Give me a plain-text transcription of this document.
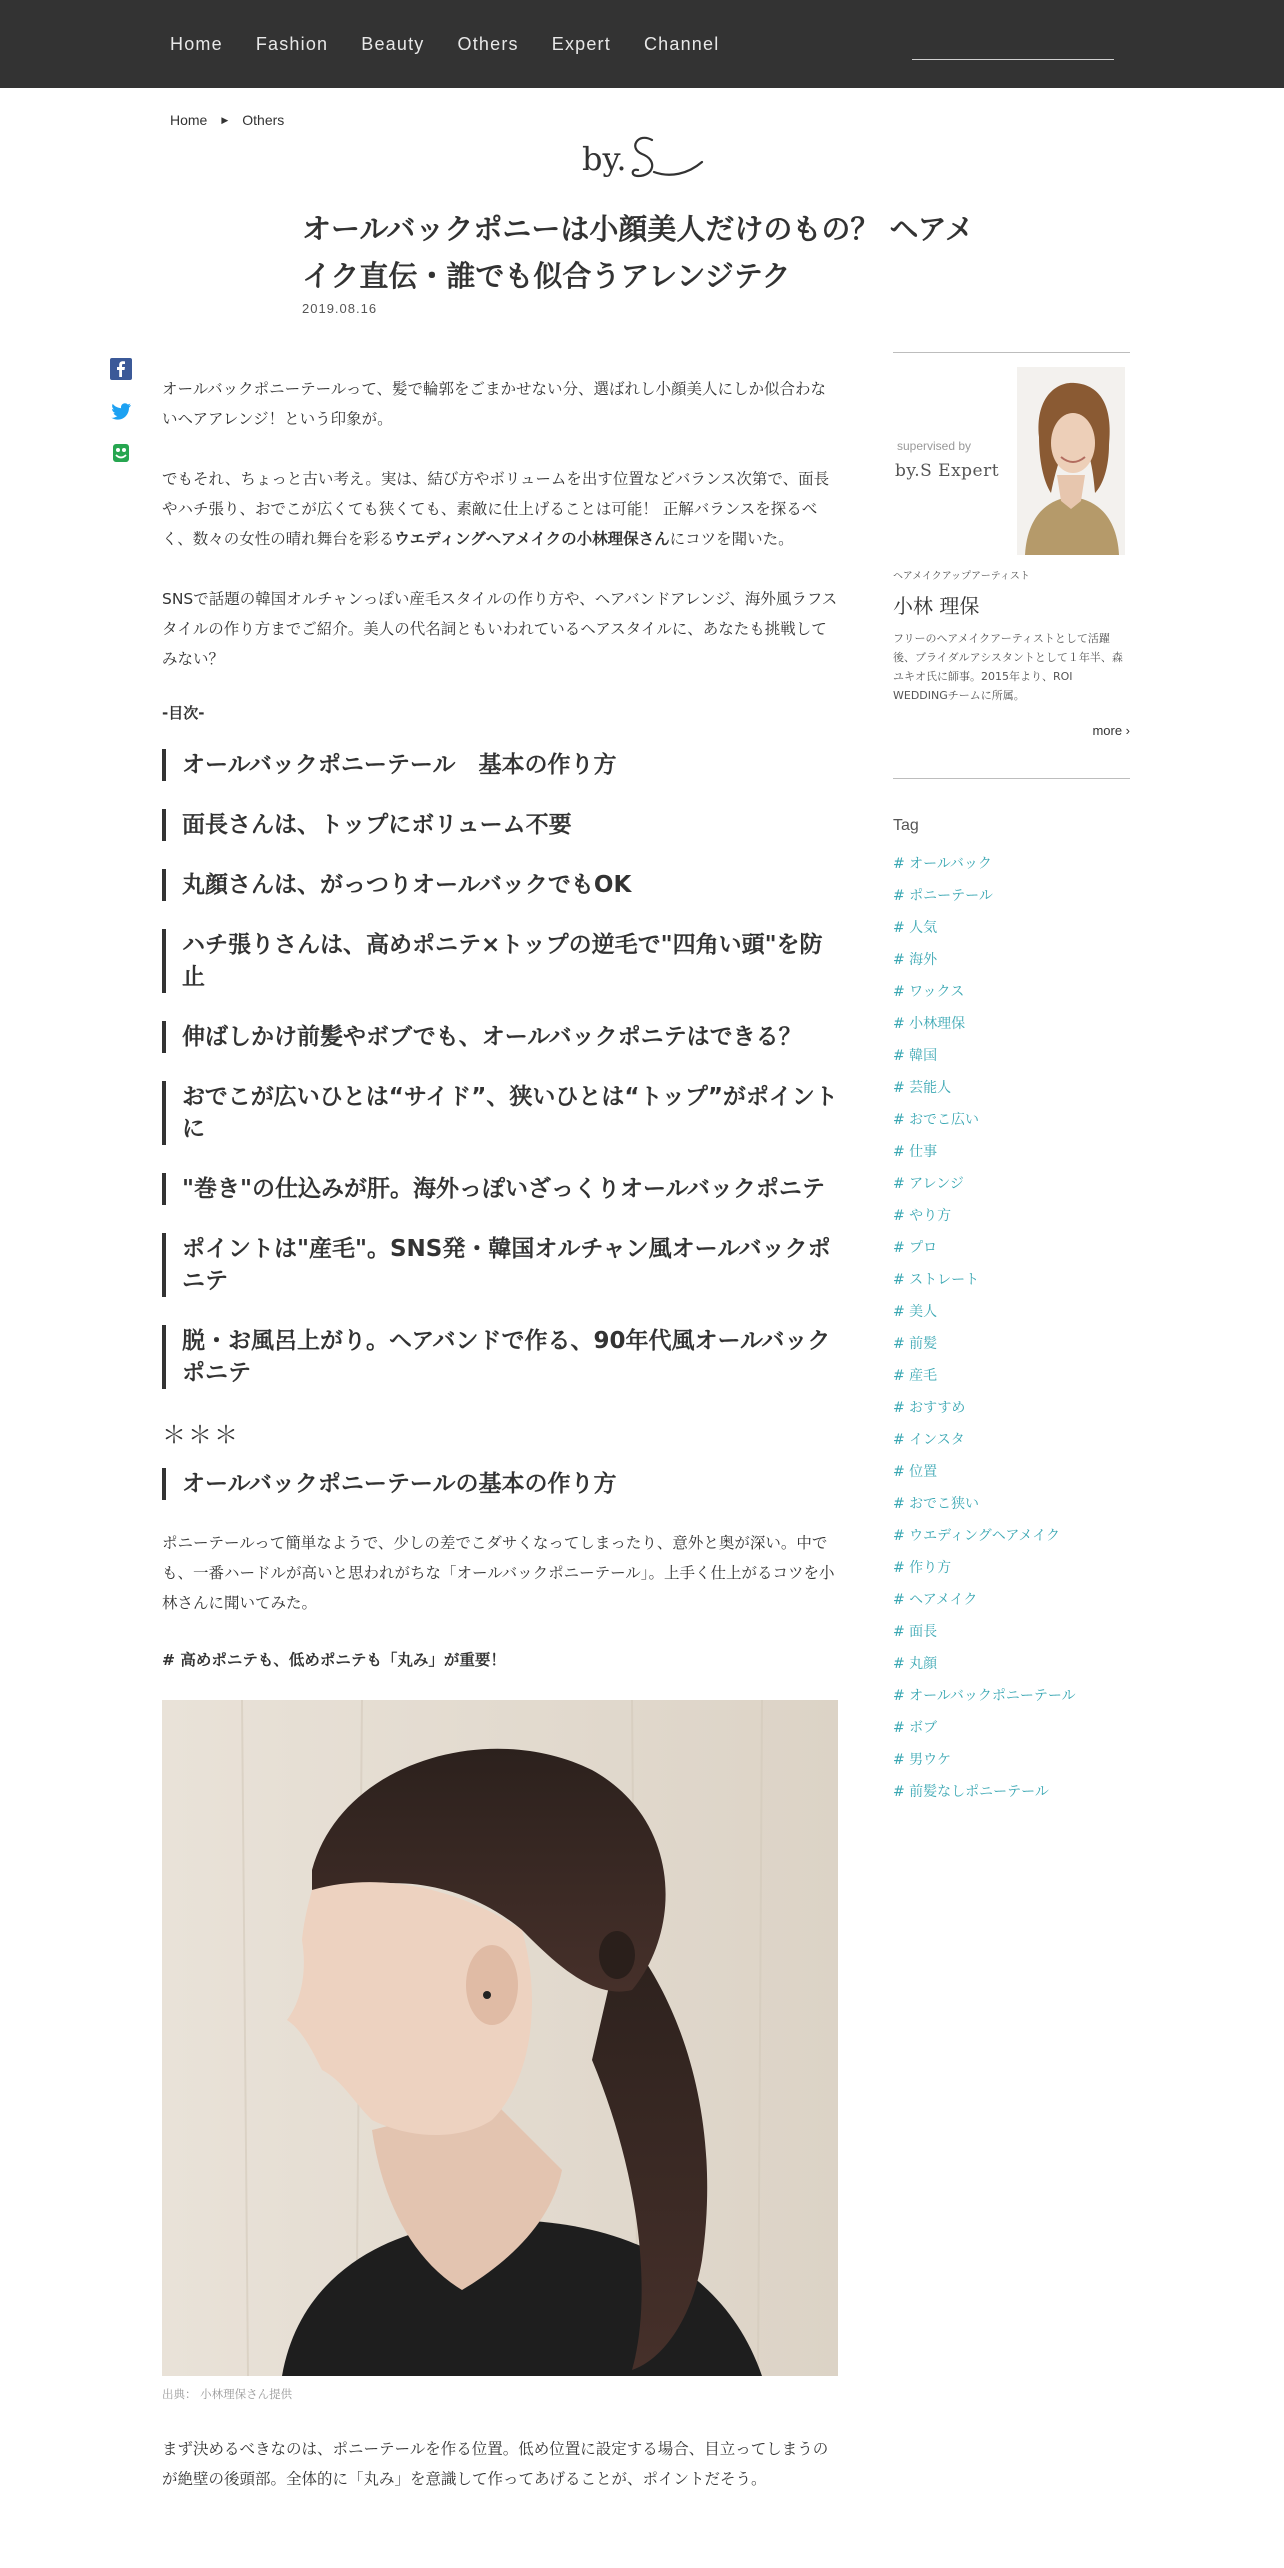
Home Fashion Beauty Others Expert Channel
Home ▶ Others
by.
オールバックポニーは小顔美人だけのもの？ ヘアメイク直伝・誰でも似合うアレンジテク
2019.08.16

オールバックポニーテールって、髪で輪郭をごまかせない分、選ばれし小顔美人にしか似合わないヘアアレンジ！という印象が。

でもそれ、ちょっと古い考え。実は、結び方やボリュームを出す位置などバランス次第で、面長やハチ張り、おでこが広くても狭くても、素敵に仕上げることは可能！ 正解バランスを探るべく、数々の女性の晴れ舞台を彩るウエディングヘアメイクの小林理保さんにコツを聞いた。

SNSで話題の韓国オルチャンっぽい産毛スタイルの作り方や、ヘアバンドアレンジ、海外風ラフスタイルの作り方までご紹介。美人の代名詞ともいわれているヘアスタイルに、あなたも挑戦してみない？

-目次-
オールバックポニーテール　基本の作り方
面長さんは、トップにボリューム不要
丸顔さんは、がっつりオールバックでもOK
ハチ張りさんは、高めポニテ×トップの逆毛で"四角い頭"を防止
伸ばしかけ前髪やボブでも、オールバックポニテはできる？
おでこが広いひとは“サイド”、狭いひとは“トップ”がポイントに
"巻き"の仕込みが肝。海外っぽいざっくりオールバックポニテ
ポイントは"産毛"。SNS発・韓国オルチャン風オールバックポニテ
脱・お風呂上がり。ヘアバンドで作る、90年代風オールバックポニテ
＊＊＊
オールバックポニーテールの基本の作り方

ポニーテールって簡単なようで、少しの差でこダサくなってしまったり、意外と奥が深い。中でも、一番ハードルが高いと思われがちな「オールバックポニーテール」。上手く仕上がるコツを小林さんに聞いてみた。

# 高めポニテも、低めポニテも「丸み」が重要！
出典： 小林理保さん提供

まず決めるべきなのは、ポニーテールを作る位置。低め位置に設定する場合、目立ってしまうのが絶壁の後頭部。全体的に「丸み」を意識して作ってあげることが、ポイントだそう。

supervised by
by.S Expert
ヘアメイクアップアーティスト
小林 理保
フリーのヘアメイクアーティストとして活躍後、ブライダルアシスタントとして１年半、森ユキオ氏に師事。2015年より、ROI WEDDINGチームに所属。
more ›
Tag
# オールバック
# ポニーテール
# 人気
# 海外
# ワックス
# 小林理保
# 韓国
# 芸能人
# おでこ広い
# 仕事
# アレンジ
# やり方
# プロ
# ストレート
# 美人
# 前髪
# 産毛
# おすすめ
# インスタ
# 位置
# おでこ狭い
# ウエディングヘアメイク
# 作り方
# ヘアメイク
# 面長
# 丸顔
# オールバックポニーテール
# ボブ
# 男ウケ
# 前髪なしポニーテール
